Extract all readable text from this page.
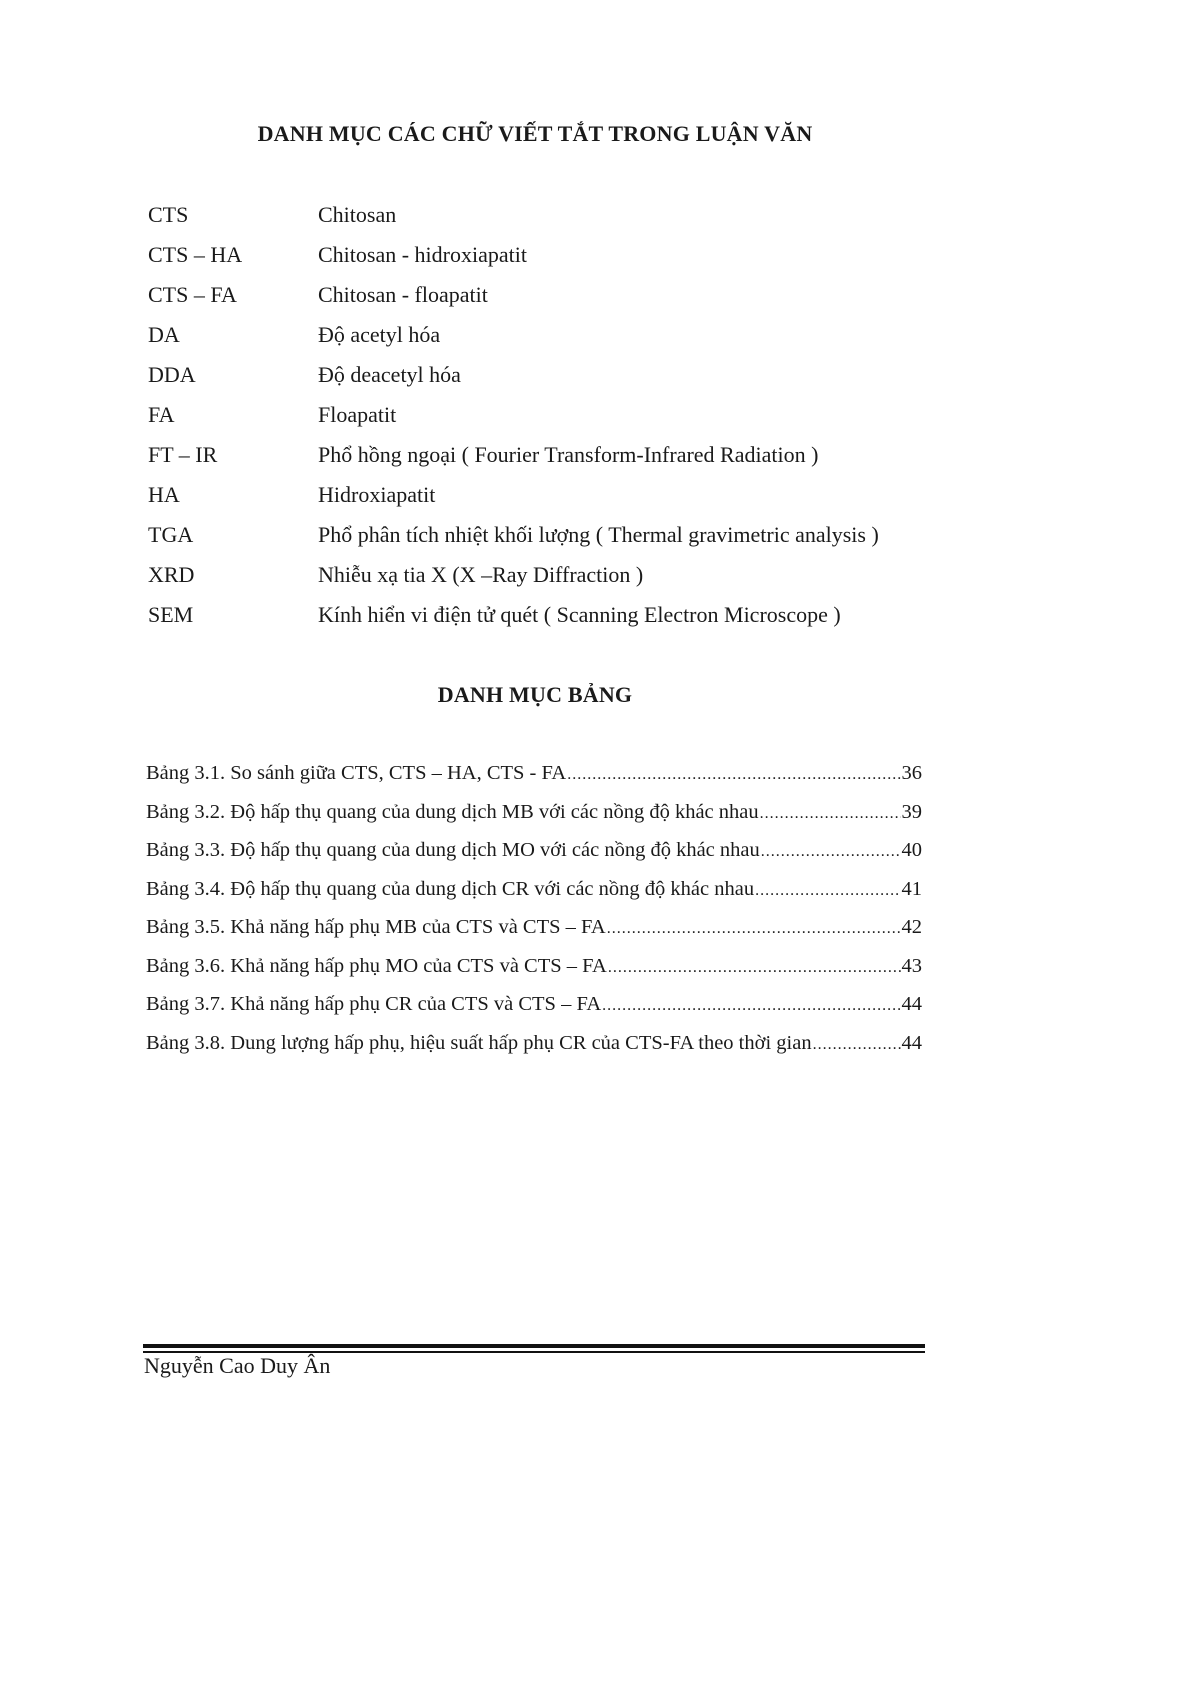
DANH MỤC CÁC CHỮ VIẾT TẮT TRONG LUẬN VĂN
CTS	Chitosan
CTS – HA	Chitosan - hidroxiapatit
CTS – FA	Chitosan - floapatit
DA	Độ acetyl hóa
DDA	Độ deacetyl hóa
FA	Floapatit
FT – IR	Phổ hồng ngoại ( Fourier Transform-Infrared Radiation )
HA	Hidroxiapatit
TGA	Phổ phân tích nhiệt khối lượng ( Thermal gravimetric analysis )
XRD	Nhiễu xạ tia X (X –Ray Diffraction )
SEM	Kính hiển vi điện tử quét ( Scanning Electron Microscope )
DANH MỤC BẢNG
Bảng 3.1. So sánh giữa CTS, CTS – HA, CTS - FA .....	36
Bảng 3.2. Độ hấp thụ quang của dung dịch MB với các nồng độ khác nhau .....	39
Bảng 3.3. Độ hấp thụ quang của dung dịch MO với các nồng độ khác nhau .....	40
Bảng 3.4. Độ hấp thụ quang của dung dịch CR với các nồng độ khác nhau .....	41
Bảng 3.5. Khả năng hấp phụ MB của CTS và CTS – FA .....	42
Bảng 3.6. Khả năng hấp phụ MO của CTS và CTS – FA .....	43
Bảng 3.7. Khả năng hấp phụ CR của CTS và CTS – FA .....	44
Bảng 3.8. Dung lượng hấp phụ, hiệu suất hấp phụ CR của CTS-FA theo thời gian .....	44
Nguyễn Cao Duy Ân
